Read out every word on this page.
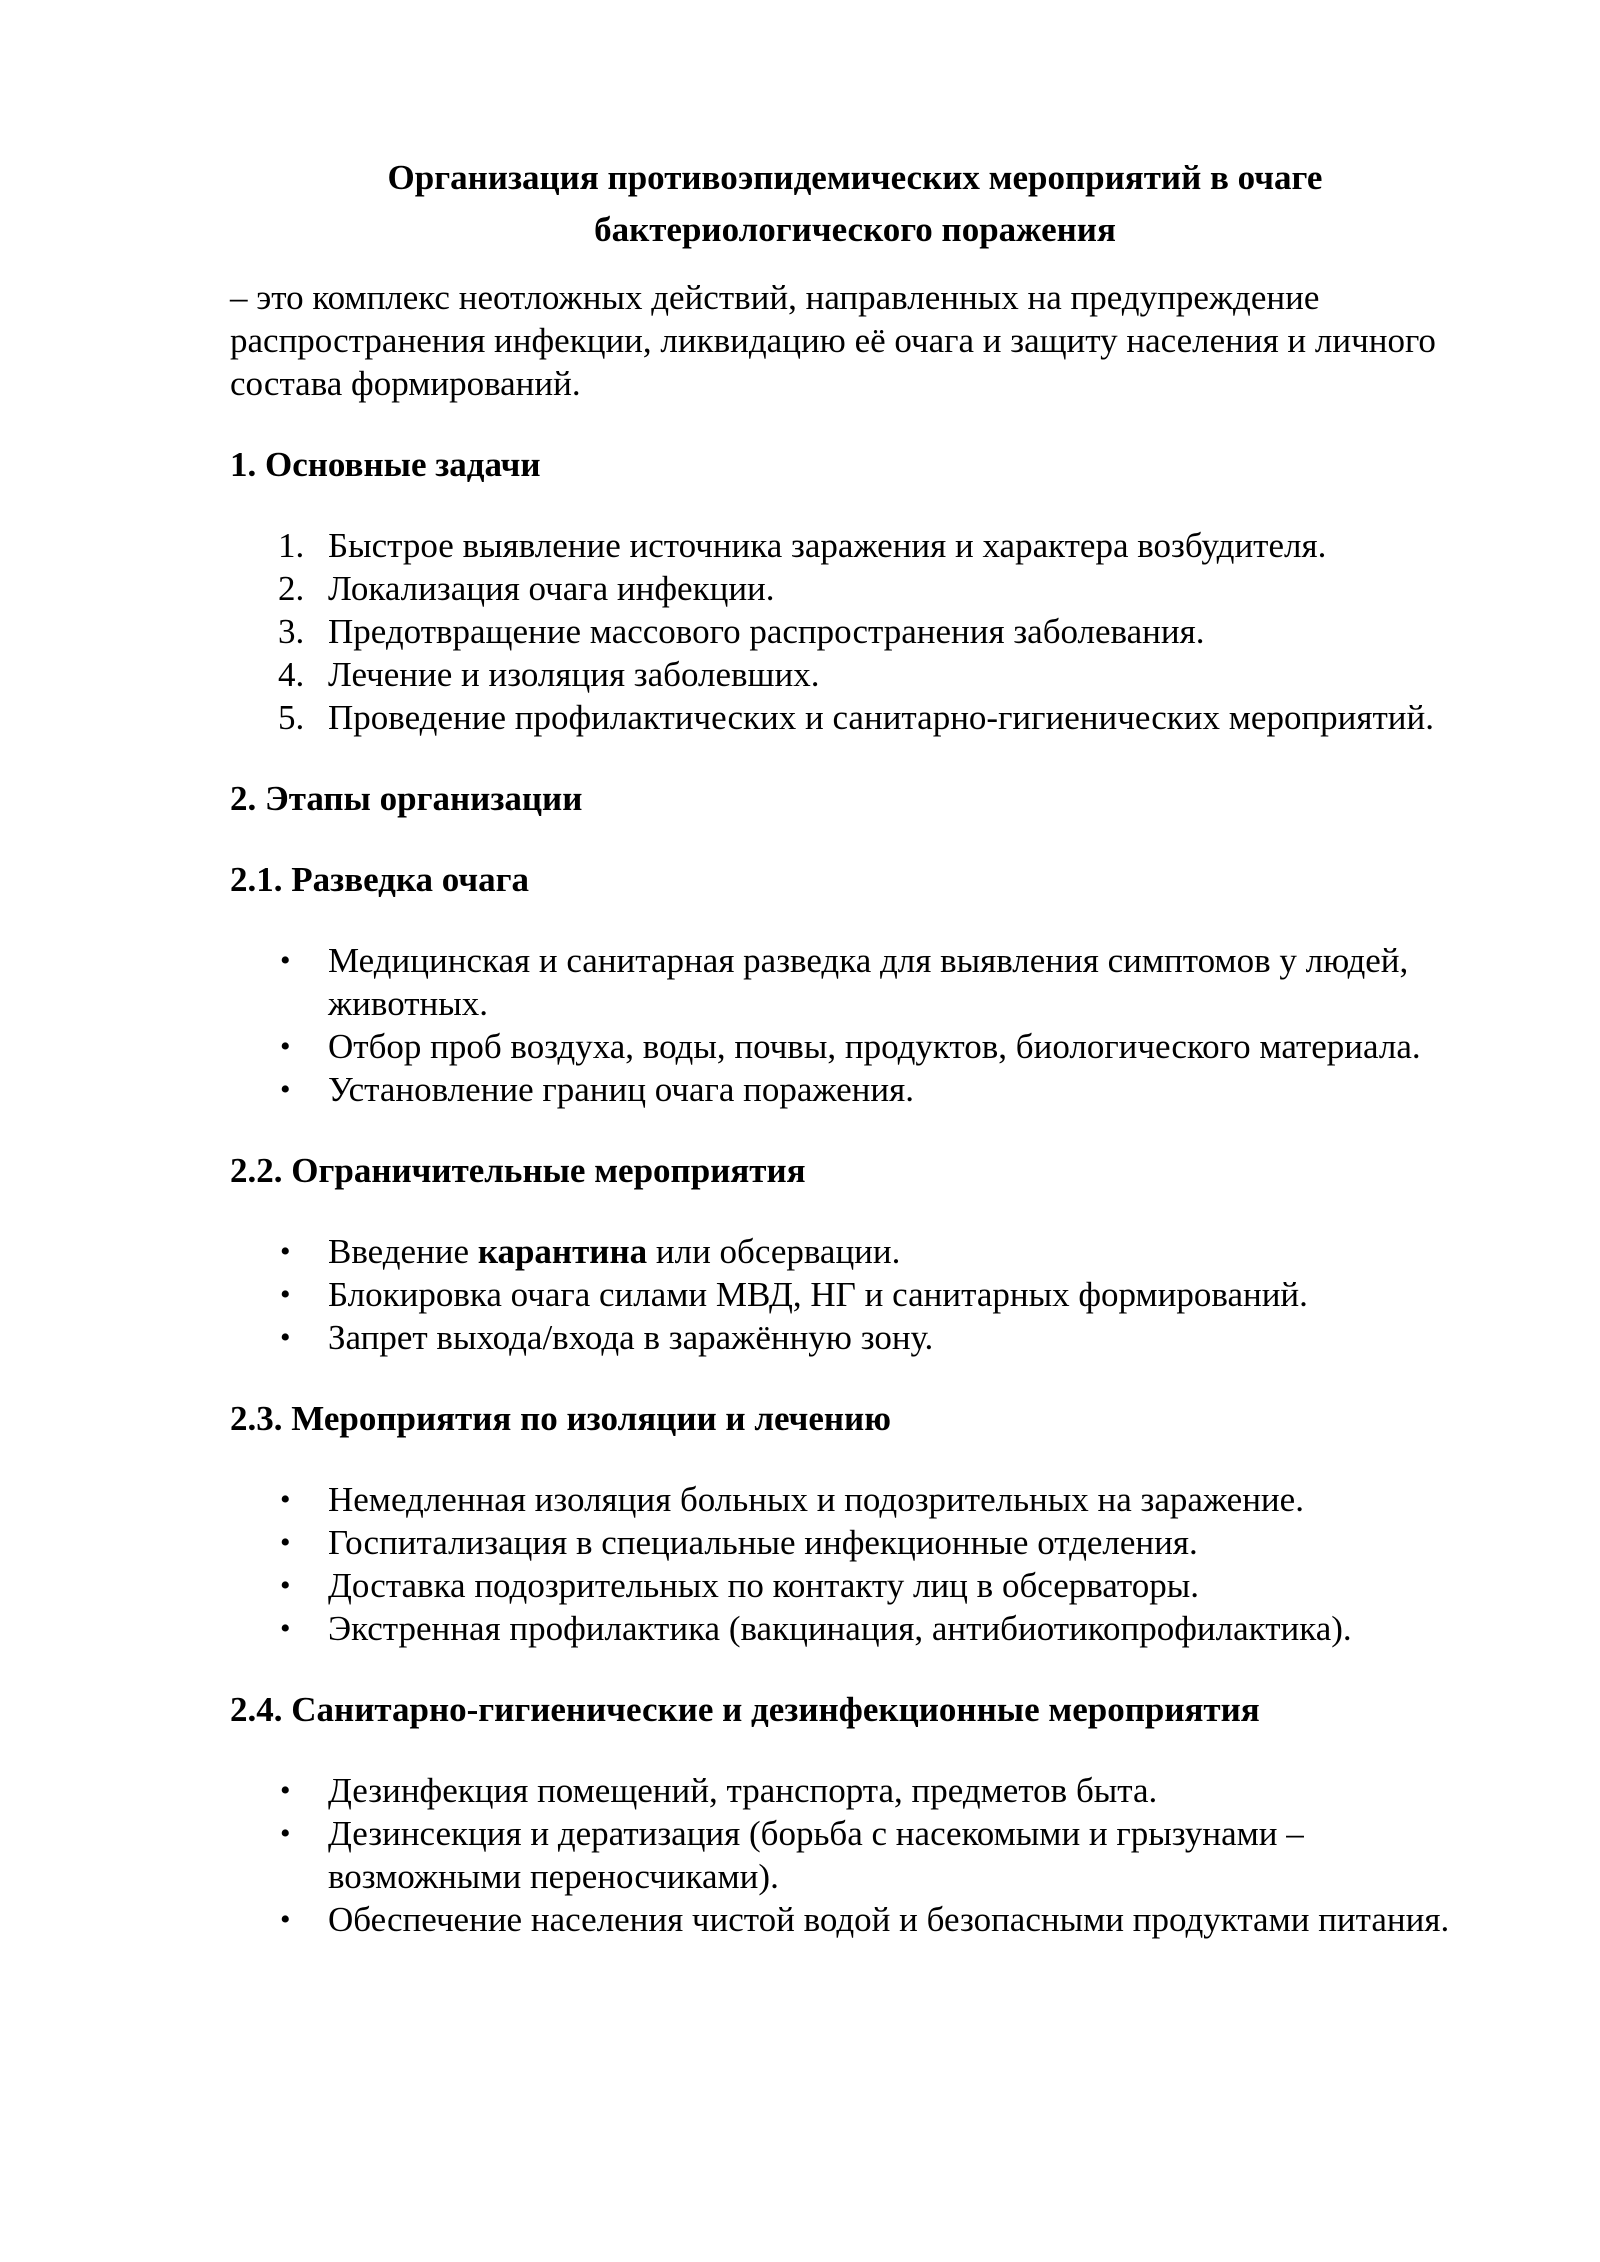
Организация противоэпидемических мероприятий в очаге
бактериологического поражения

– это комплекс неотложных действий, направленных на предупреждение распространения инфекции, ликвидацию её очага и защиту населения и личного состава формирований.

1. Основные задачи

1. Быстрое выявление источника заражения и характера возбудителя.
2. Локализация очага инфекции.
3. Предотвращение массового распространения заболевания.
4. Лечение и изоляция заболевших.
5. Проведение профилактических и санитарно-гигиенических мероприятий.

2. Этапы организации

2.1. Разведка очага

• Медицинская и санитарная разведка для выявления симптомов у людей, животных.
• Отбор проб воздуха, воды, почвы, продуктов, биологического материала.
• Установление границ очага поражения.

2.2. Ограничительные мероприятия

• Введение карантина или обсервации.
• Блокировка очага силами МВД, НГ и санитарных формирований.
• Запрет выхода/входа в заражённую зону.

2.3. Мероприятия по изоляции и лечению

• Немедленная изоляция больных и подозрительных на заражение.
• Госпитализация в специальные инфекционные отделения.
• Доставка подозрительных по контакту лиц в обсерваторы.
• Экстренная профилактика (вакцинация, антибиотикопрофилактика).

2.4. Санитарно-гигиенические и дезинфекционные мероприятия

• Дезинфекция помещений, транспорта, предметов быта.
• Дезинсекция и дератизация (борьба с насекомыми и грызунами – возможными переносчиками).
• Обеспечение населения чистой водой и безопасными продуктами питания.
